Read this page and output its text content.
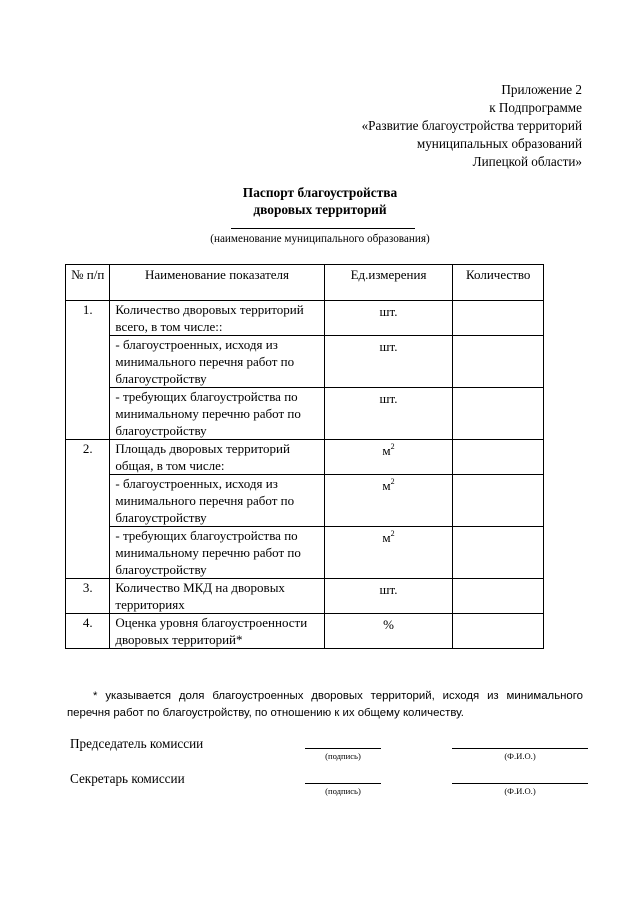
Приложение 2
к Подпрограмме
«Развитие благоустройства территорий
муниципальных образований
Липецкой области»
Паспорт благоустройства
дворовых территорий
(наименование муниципального образования)
№ п/п	Наименование показателя	Ед.измерения	Количество
1.	Количество дворовых территорий всего, в том числе::	шт.	
	- благоустроенных, исходя из минимального перечня работ по благоустройству	шт.	
	- требующих благоустройства по минимальному перечню работ по благоустройству	шт.	
2.	Площадь дворовых территорий общая, в том числе:	$м^2$	
	- благоустроенных, исходя из минимального перечня работ по благоустройству	$м^2$	
	- требующих благоустройства по минимальному перечню работ по благоустройству	$м^2$	
3.	Количество МКД на дворовых территориях	шт.	
4.	Оценка уровня благоустроенности дворовых территорий*	%	
* указывается доля благоустроенных дворовых территорий, исходя из минимального перечня работ по благоустройству, по отношению к их общему количеству.
Председатель комиссии
(подпись)	(Ф.И.О.)
Секретарь комиссии
(подпись)	(Ф.И.О.)
